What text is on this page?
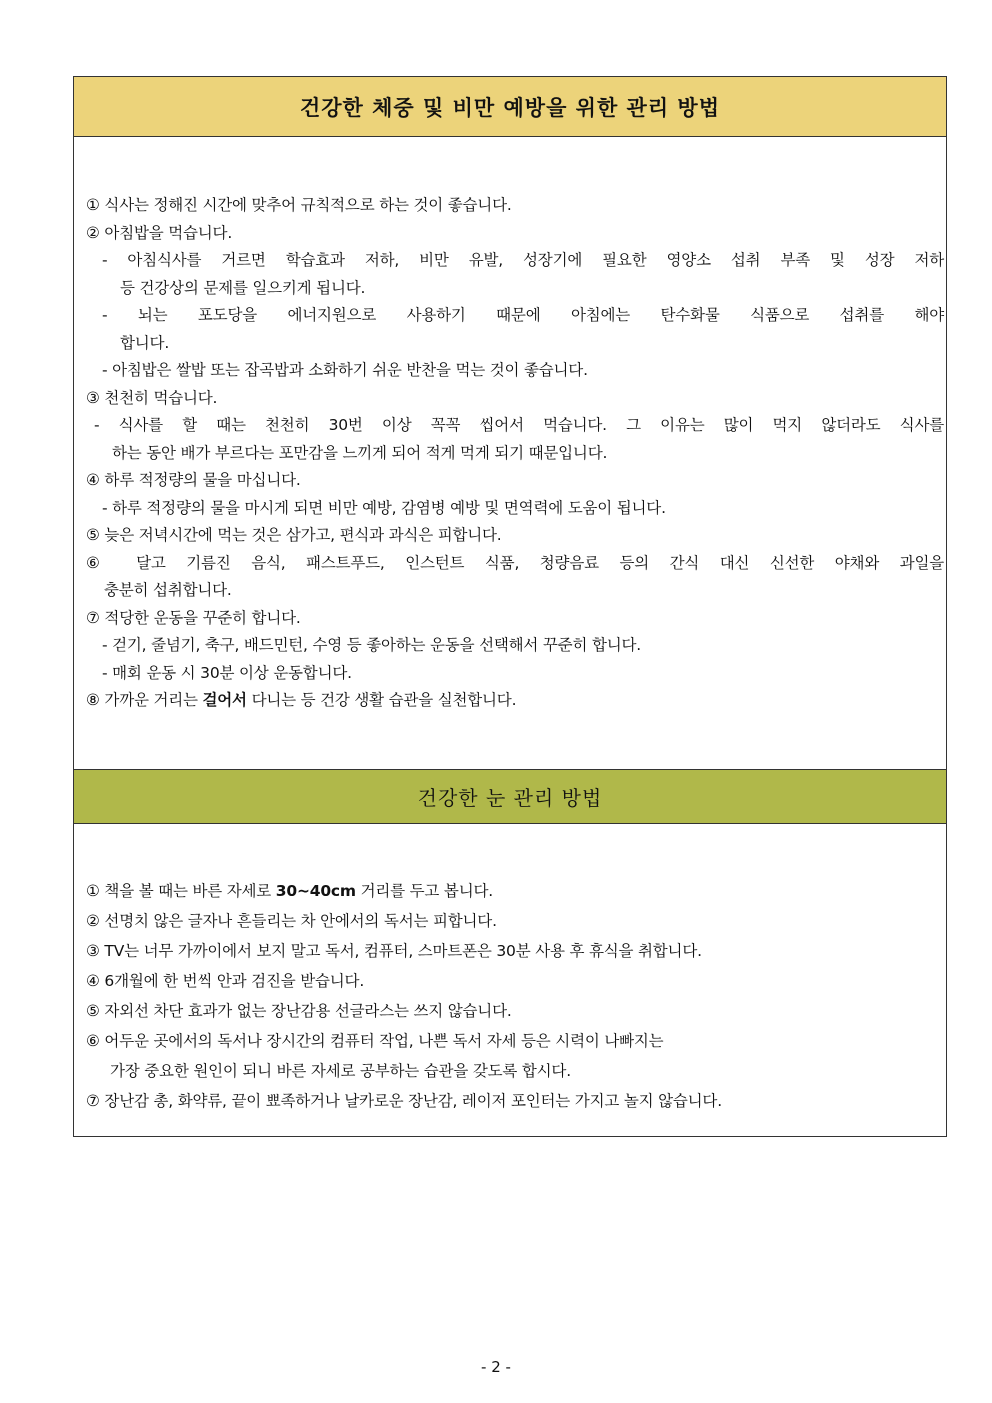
건강한 체중 및 비만 예방을 위한 관리 방법
① 식사는 정해진 시간에 맞추어 규칙적으로 하는 것이 좋습니다.
② 아침밥을 먹습니다.
- 아침식사를 거르면 학습효과 저하, 비만 유발, 성장기에 필요한 영양소 섭취 부족 및 성장 저하
등 건강상의 문제를 일으키게 됩니다.
- 뇌는 포도당을 에너지원으로 사용하기 때문에 아침에는 탄수화물 식품으로 섭취를 해야
합니다.
- 아침밥은 쌀밥 또는 잡곡밥과 소화하기 쉬운 반찬을 먹는 것이 좋습니다.
③ 천천히 먹습니다.
- 식사를 할 때는 천천히 30번 이상 꼭꼭 씹어서 먹습니다. 그 이유는 많이 먹지 않더라도 식사를
하는 동안 배가 부르다는 포만감을 느끼게 되어 적게 먹게 되기 때문입니다.
④ 하루 적정량의 물을 마십니다.
- 하루 적정량의 물을 마시게 되면 비만 예방, 감염병 예방 및 면역력에 도움이 됩니다.
⑤ 늦은 저녁시간에 먹는 것은 삼가고, 편식과 과식은 피합니다.
⑥ 달고 기름진 음식, 패스트푸드, 인스턴트 식품, 청량음료 등의 간식 대신 신선한 야채와 과일을
충분히 섭취합니다.
⑦ 적당한 운동을 꾸준히 합니다.
- 걷기, 줄넘기, 축구, 배드민턴, 수영 등 좋아하는 운동을 선택해서 꾸준히 합니다.
- 매회 운동 시 30분 이상 운동합니다.
⑧ 가까운 거리는 걸어서 다니는 등 건강 생활 습관을 실천합니다.
건강한 눈 관리 방법
① 책을 볼 때는 바른 자세로 30~40cm 거리를 두고 봅니다.
② 선명치 않은 글자나 흔들리는 차 안에서의 독서는 피합니다.
③ TV는 너무 가까이에서 보지 말고 독서, 컴퓨터, 스마트폰은 30분 사용 후 휴식을 취합니다.
④ 6개월에 한 번씩 안과 검진을 받습니다.
⑤ 자외선 차단 효과가 없는 장난감용 선글라스는 쓰지 않습니다.
⑥ 어두운 곳에서의 독서나 장시간의 컴퓨터 작업, 나쁜 독서 자세 등은 시력이 나빠지는
가장 중요한 원인이 되니 바른 자세로 공부하는 습관을 갖도록 합시다.
⑦ 장난감 총, 화약류, 끝이 뾰족하거나 날카로운 장난감, 레이저 포인터는 가지고 놀지 않습니다.
- 2 -
